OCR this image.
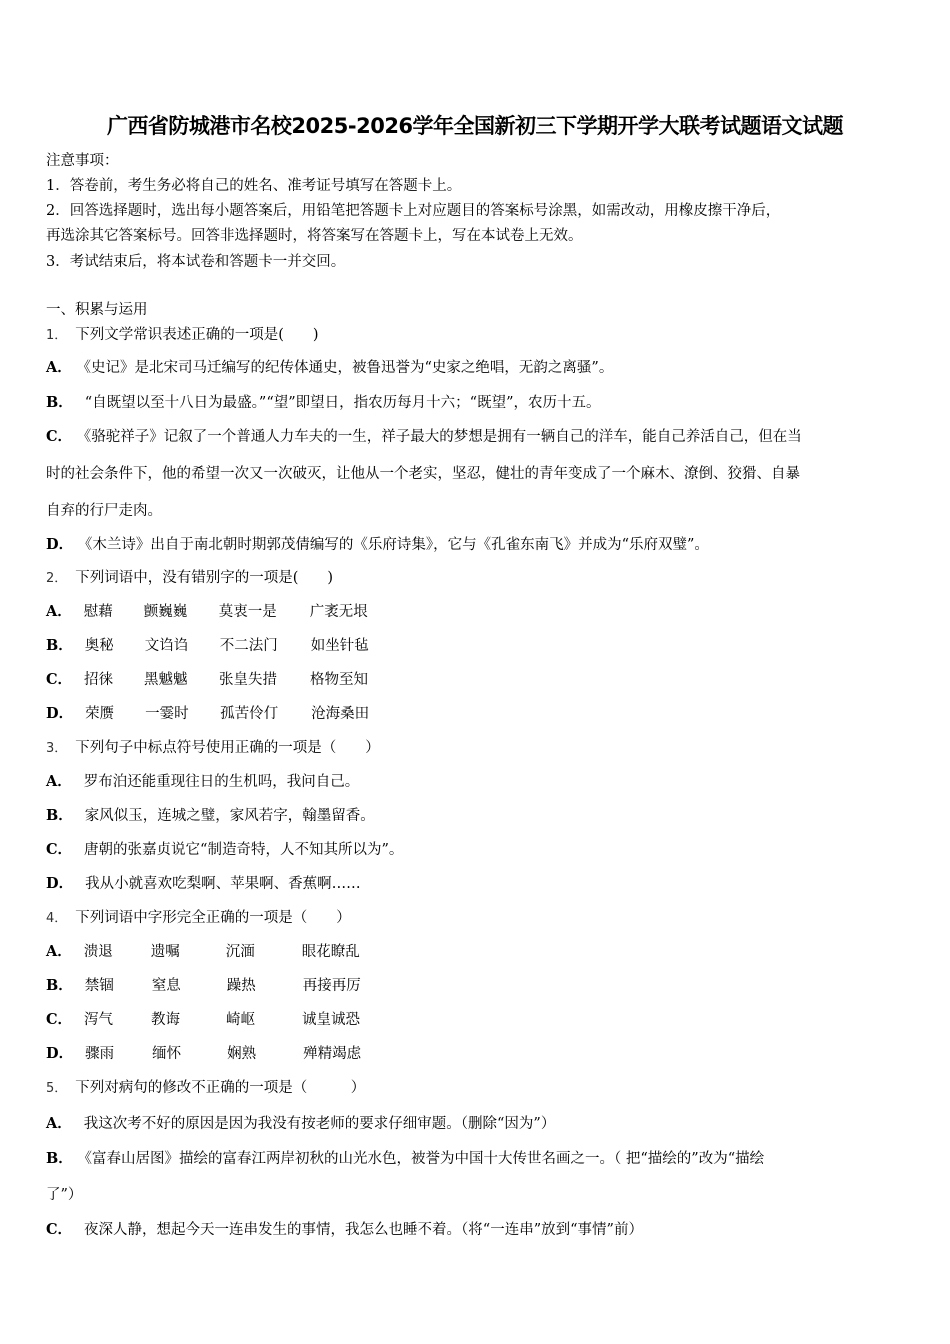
广西省防城港市名校2025-2026学年全国新初三下学期开学大联考试题语文试题
注意事项：
1．答卷前，考生务必将自己的姓名、准考证号填写在答题卡上。
2．回答选择题时，选出每小题答案后，用铅笔把答题卡上对应题目的答案标号涂黑，如需改动，用橡皮擦干净后，
再选涂其它答案标号。回答非选择题时，将答案写在答题卡上，写在本试卷上无效。
3．考试结束后，将本试卷和答题卡一并交回。
一、积累与运用
1． 下列文学常识表述正确的一项是(　　)
A． 《史记》是北宋司马迁编写的纪传体通史，被鲁迅誉为“史家之绝唱，无韵之离骚”。
B． “自既望以至十八日为最盛。”“望”即望日，指农历每月十六；“既望”，农历十五。
C． 《骆驼祥子》记叙了一个普通人力车夫的一生，祥子最大的梦想是拥有一辆自己的洋车，能自己养活自己，但在当
时的社会条件下，他的希望一次又一次破灭，让他从一个老实，坚忍，健壮的青年变成了一个麻木、潦倒、狡猾、自暴
自弃的行尸走肉。
D． 《木兰诗》出自于南北朝时期郭茂倩编写的《乐府诗集》，它与《孔雀东南飞》并成为“乐府双璧”。
2． 下列词语中，没有错别字的一项是(　　)
A． 慰藉 颤巍巍 莫衷一是 广袤无垠
B． 奥秘 文诌诌 不二法门 如坐针毡
C． 招徕 黑魆魆 张皇失措 格物至知
D． 荣赝 一霎时 孤苦伶仃 沧海桑田
3． 下列句子中标点符号使用正确的一项是（　　）
A． 罗布泊还能重现往日的生机吗，我问自己。
B． 家风似玉，连城之璧，家风若字，翰墨留香。
C． 唐朝的张嘉贞说它“制造奇特，人不知其所以为”。
D． 我从小就喜欢吃梨啊、苹果啊、香蕉啊……
4． 下列词语中字形完全正确的一项是（　　）
A． 溃退	遗嘱	沉湎	眼花瞭乱
B． 禁锢	窒息	躁热	再接再厉
C． 泻气	教诲	崎岖	诚皇诚恐
D． 骤雨	缅怀	娴熟	殚精竭虑
5． 下列对病句的修改不正确的一项是（　　　）
A． 我这次考不好的原因是因为我没有按老师的要求仔细审题。（删除“因为”）
B． 《富春山居图》描绘的富春江两岸初秋的山光水色，被誉为中国十大传世名画之一。（ 把“描绘的”改为“描绘
了”）
C． 夜深人静，想起今天一连串发生的事情，我怎么也睡不着。（将“一连串”放到“事情”前）
